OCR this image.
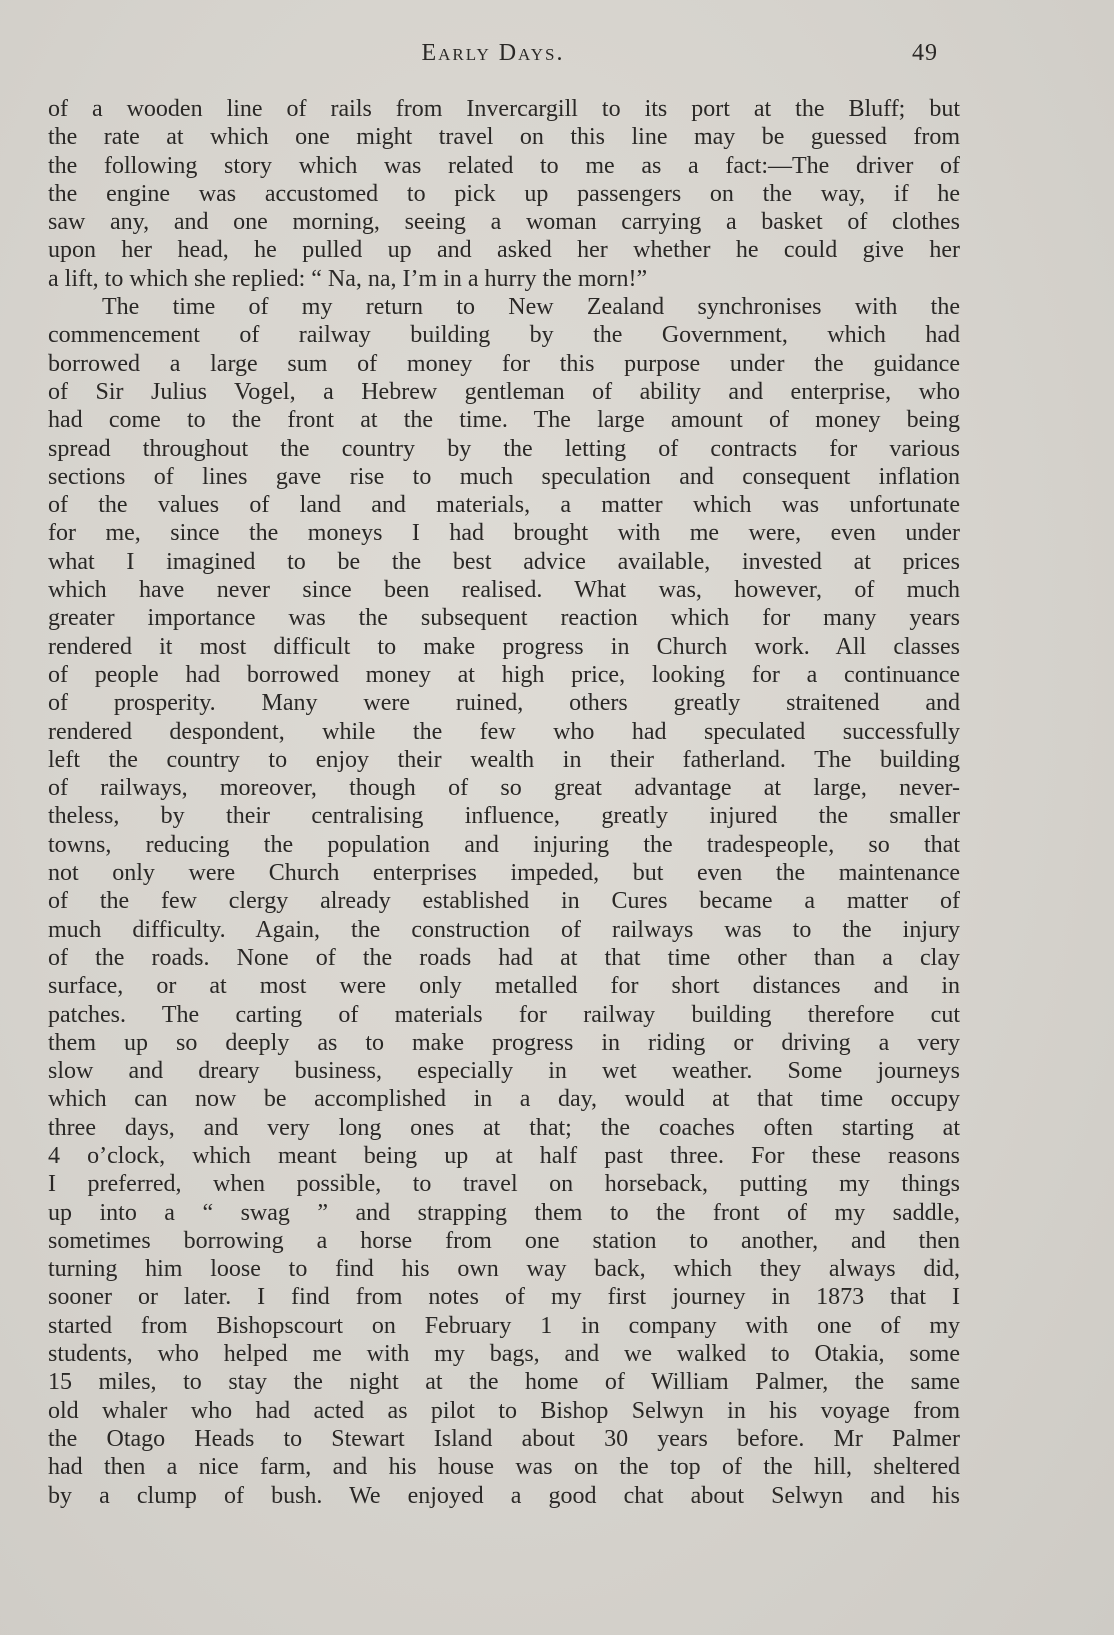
Early Days.	49
of a wooden line of rails from Invercargill to its port at the Bluff; but
the rate at which one might travel on this line may be guessed from
the following story which was related to me as a fact:—The driver of
the engine was accustomed to pick up passengers on the way, if he
saw any, and one morning, seeing a woman carrying a basket of clothes
upon her head, he pulled up and asked her whether he could give her
a lift, to which she replied: “ Na, na, I’m in a hurry the morn!”
The time of my return to New Zealand synchronises with the
commencement of railway building by the Government, which had
borrowed a large sum of money for this purpose under the guidance
of Sir Julius Vogel, a Hebrew gentleman of ability and enterprise, who
had come to the front at the time. The large amount of money being
spread throughout the country by the letting of contracts for various
sections of lines gave rise to much speculation and consequent inflation
of the values of land and materials, a matter which was unfortunate
for me, since the moneys I had brought with me were, even under
what I imagined to be the best advice available, invested at prices
which have never since been realised. What was, however, of much
greater importance was the subsequent reaction which for many years
rendered it most difficult to make progress in Church work. All classes
of people had borrowed money at high price, looking for a continuance
of prosperity. Many were ruined, others greatly straitened and
rendered despondent, while the few who had speculated successfully
left the country to enjoy their wealth in their fatherland. The building
of railways, moreover, though of so great advantage at large, never-
theless, by their centralising influence, greatly injured the smaller
towns, reducing the population and injuring the tradespeople, so that
not only were Church enterprises impeded, but even the maintenance
of the few clergy already established in Cures became a matter of
much difficulty. Again, the construction of railways was to the injury
of the roads. None of the roads had at that time other than a clay
surface, or at most were only metalled for short distances and in
patches. The carting of materials for railway building therefore cut
them up so deeply as to make progress in riding or driving a very
slow and dreary business, especially in wet weather. Some journeys
which can now be accomplished in a day, would at that time occupy
three days, and very long ones at that; the coaches often starting at
4 o’clock, which meant being up at half past three. For these reasons
I preferred, when possible, to travel on horseback, putting my things
up into a “ swag ” and strapping them to the front of my saddle,
sometimes borrowing a horse from one station to another, and then
turning him loose to find his own way back, which they always did,
sooner or later. I find from notes of my first journey in 1873 that I
started from Bishopscourt on February 1 in company with one of my
students, who helped me with my bags, and we walked to Otakia, some
15 miles, to stay the night at the home of William Palmer, the same
old whaler who had acted as pilot to Bishop Selwyn in his voyage from
the Otago Heads to Stewart Island about 30 years before. Mr Palmer
had then a nice farm, and his house was on the top of the hill, sheltered
by a clump of bush. We enjoyed a good chat about Selwyn and his
